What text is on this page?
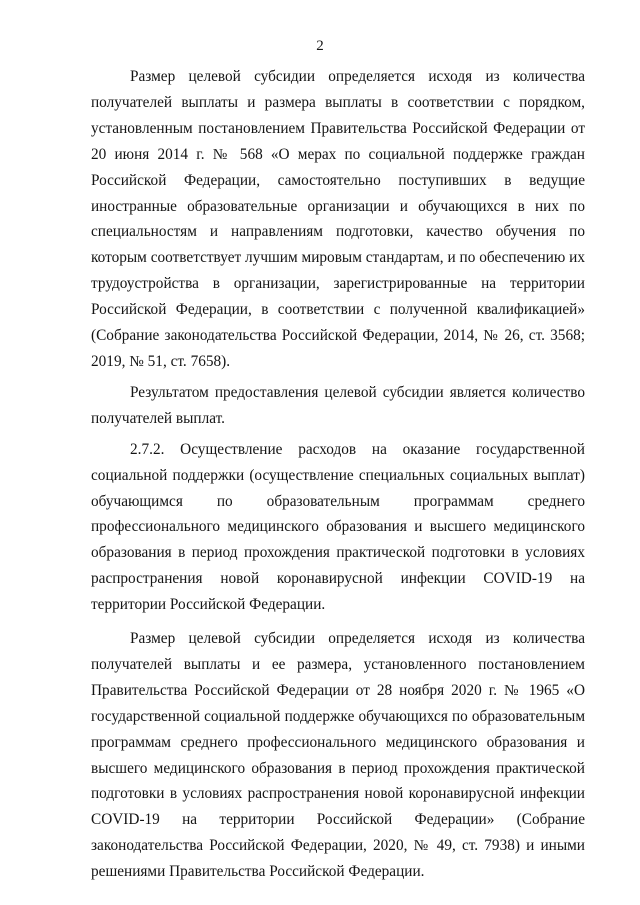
2

Размер целевой субсидии определяется исходя из количества получателей выплаты и размера выплаты в соответствии с порядком, установленным постановлением Правительства Российской Федерации от 20 июня 2014 г. № 568 «О мерах по социальной поддержке граждан Российской Федерации, самостоятельно поступивших в ведущие иностранные образовательные организации и обучающихся в них по специальностям и направлениям подготовки, качество обучения по которым соответствует лучшим мировым стандартам, и по обеспечению их трудоустройства в организации, зарегистрированные на территории Российской Федерации, в соответствии с полученной квалификацией» (Собрание законодательства Российской Федерации, 2014, № 26, ст. 3568; 2019, № 51, ст. 7658).

Результатом предоставления целевой субсидии является количество получателей выплат.

2.7.2. Осуществление расходов на оказание государственной социальной поддержки (осуществление специальных социальных выплат) обучающимся по образовательным программам среднего профессионального медицинского образования и высшего медицинского образования в период прохождения практической подготовки в условиях распространения новой коронавирусной инфекции COVID-19 на территории Российской Федерации.

Размер целевой субсидии определяется исходя из количества получателей выплаты и ее размера, установленного постановлением Правительства Российской Федерации от 28 ноября 2020 г. № 1965 «О государственной социальной поддержке обучающихся по образовательным программам среднего профессионального медицинского образования и высшего медицинского образования в период прохождения практической подготовки в условиях распространения новой коронавирусной инфекции COVID-19 на территории Российской Федерации» (Собрание законодательства Российской Федерации, 2020, № 49, ст. 7938) и иными решениями Правительства Российской Федерации.
